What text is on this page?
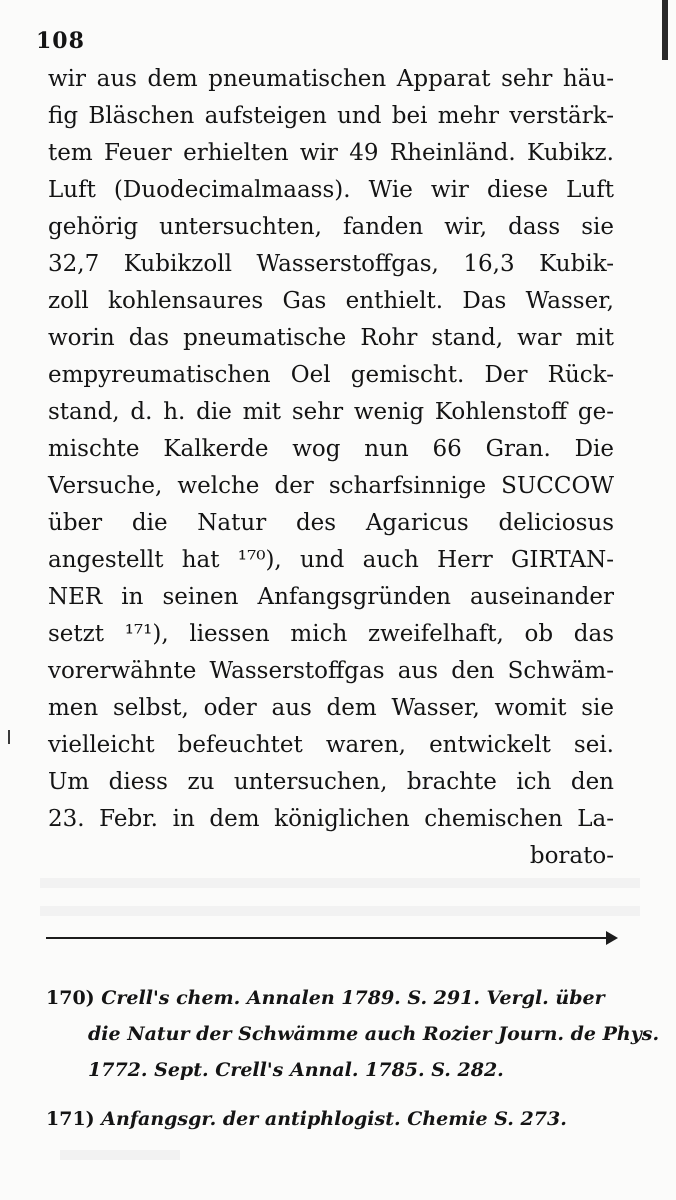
108
wir aus dem pneumatischen Apparat sehr häu-
fig Bläschen aufsteigen und bei mehr verstärk-
tem Feuer erhielten wir 49 Rheinländ. Kubikz.
Luft (Duodecimalmaass). Wie wir diese Luft
gehörig untersuchten, fanden wir, dass sie
32,7 Kubikzoll Wasserstoffgas, 16,3 Kubik-
zoll kohlensaures Gas enthielt. Das Wasser,
worin das pneumatische Rohr stand, war mit
empyreumatischen Oel gemischt. Der Rück-
stand, d. h. die mit sehr wenig Kohlenstoff ge-
mischte Kalkerde wog nun 66 Gran. Die
Versuche, welche der scharfsinnige SUCCOW
über die Natur des Agaricus deliciosus
angestellt hat ¹⁷⁰), und auch Herr GIRTAN-
NER in seinen Anfangsgründen auseinander
setzt ¹⁷¹), liessen mich zweifelhaft, ob das
vorerwähnte Wasserstoffgas aus den Schwäm-
men selbst, oder aus dem Wasser, womit sie
vielleicht befeuchtet waren, entwickelt sei.
Um diess zu untersuchen, brachte ich den
23. Febr. in dem königlichen chemischen La-
borato-
170) Crell's chem. Annalen 1789. S. 291. Vergl. über
die Natur der Schwämme auch Rozier Journ. de Phys.
1772. Sept. Crell's Annal. 1785. S. 282.
171) Anfangsgr. der antiphlogist. Chemie S. 273.
